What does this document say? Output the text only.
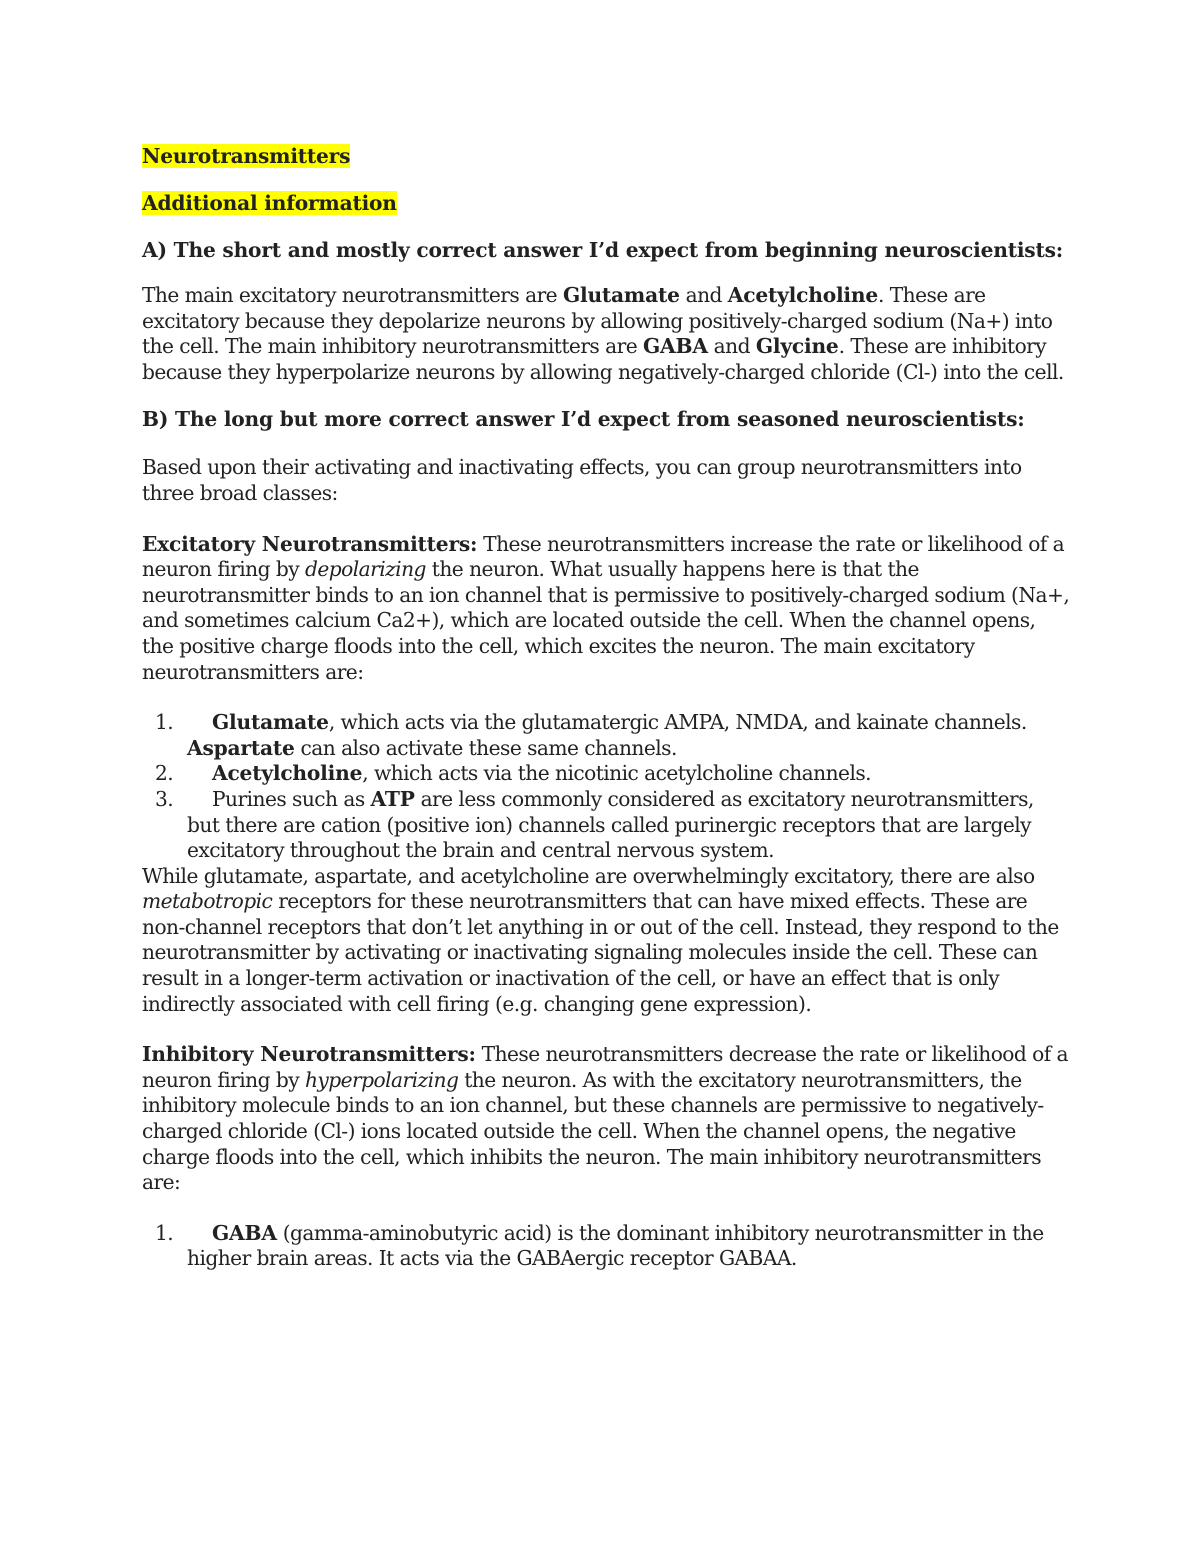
Neurotransmitters
Additional information
A) The short and mostly correct answer I’d expect from beginning neuroscientists:

The main excitatory neurotransmitters are Glutamate and Acetylcholine. These are excitatory because they depolarize neurons by allowing positively-charged sodium (Na+) into the cell. The main inhibitory neurotransmitters are GABA and Glycine. These are inhibitory because they hyperpolarize neurons by allowing negatively-charged chloride (Cl-) into the cell.

B) The long but more correct answer I’d expect from seasoned neuroscientists:

Based upon their activating and inactivating effects, you can group neurotransmitters into three broad classes:

Excitatory Neurotransmitters: These neurotransmitters increase the rate or likelihood of a neuron firing by depolarizing the neuron. What usually happens here is that the neurotransmitter binds to an ion channel that is permissive to positively-charged sodium (Na+, and sometimes calcium Ca2+), which are located outside the cell. When the channel opens, the positive charge floods into the cell, which excites the neuron. The main excitatory neurotransmitters are:

1. Glutamate, which acts via the glutamatergic AMPA, NMDA, and kainate channels. Aspartate can also activate these same channels.
2. Acetylcholine, which acts via the nicotinic acetylcholine channels.
3. Purines such as ATP are less commonly considered as excitatory neurotransmitters, but there are cation (positive ion) channels called purinergic receptors that are largely excitatory throughout the brain and central nervous system.

While glutamate, aspartate, and acetylcholine are overwhelmingly excitatory, there are also metabotropic receptors for these neurotransmitters that can have mixed effects. These are non-channel receptors that don’t let anything in or out of the cell. Instead, they respond to the neurotransmitter by activating or inactivating signaling molecules inside the cell. These can result in a longer-term activation or inactivation of the cell, or have an effect that is only indirectly associated with cell firing (e.g. changing gene expression).

Inhibitory Neurotransmitters: These neurotransmitters decrease the rate or likelihood of a neuron firing by hyperpolarizing the neuron. As with the excitatory neurotransmitters, the inhibitory molecule binds to an ion channel, but these channels are permissive to negatively-charged chloride (Cl-) ions located outside the cell. When the channel opens, the negative charge floods into the cell, which inhibits the neuron. The main inhibitory neurotransmitters are:

1. GABA (gamma-aminobutyric acid) is the dominant inhibitory neurotransmitter in the higher brain areas. It acts via the GABAergic receptor GABAA.
